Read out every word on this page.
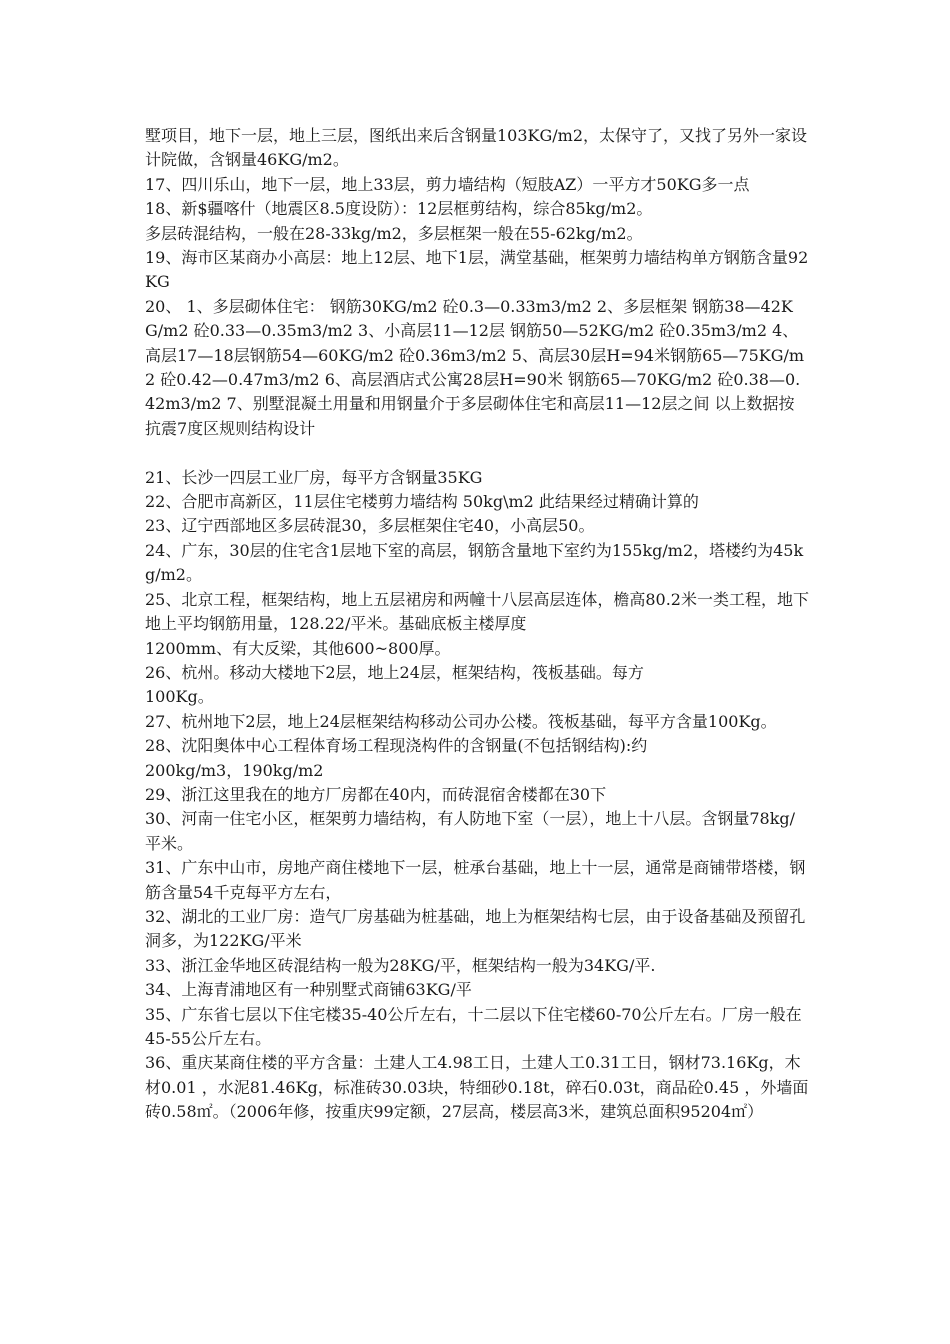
墅项目，地下一层，地上三层，图纸出来后含钢量103KG/m2，太保守了，又找了另外一家设计院做，含钢量46KG/m2。

17、四川乐山，地下一层，地上33层，剪力墙结构（短肢AZ）一平方才50KG多一点

18、新$疆喀什（地震区8.5度设防）：12层框剪结构，综合85kg/m2。

多层砖混结构，一般在28-33kg/m2，多层框架一般在55-62kg/m2。

19、海市区某商办小高层：地上12层、地下1层，满堂基础，框架剪力墙结构单方钢筋含量92KG

20、 1、多层砌体住宅： 钢筋30KG/m2 砼0.3—0.33m3/m2 2、多层框架 钢筋38—42KG/m2 砼0.33—0.35m3/m2 3、小高层11—12层 钢筋50—52KG/m2 砼0.35m3/m2 4、高层17—18层钢筋54—60KG/m2 砼0.36m3/m2 5、高层30层H=94米钢筋65—75KG/m2 砼0.42—0.47m3/m2 6、高层酒店式公寓28层H=90米 钢筋65—70KG/m2 砼0.38—0.42m3/m2 7、别墅混凝土用量和用钢量介于多层砌体住宅和高层11—12层之间 以上数据按抗震7度区规则结构设计

21、长沙一四层工业厂房，每平方含钢量35KG

22、合肥市高新区，11层住宅楼剪力墙结构 50kg\m2 此结果经过精确计算的

23、辽宁西部地区多层砖混30，多层框架住宅40，小高层50。

24、广东，30层的住宅含1层地下室的高层，钢筋含量地下室约为155kg/m2，塔楼约为45kg/m2。

25、北京工程，框架结构，地上五层裙房和两幢十八层高层连体，檐高80.2米一类工程，地下地上平均钢筋用量，128.22/平米。基础底板主楼厚度

1200mm、有大反梁，其他600~800厚。

26、杭州。移动大楼地下2层，地上24层，框架结构，筏板基础。每方

100Kg。

27、杭州地下2层，地上24层框架结构移动公司办公楼。筏板基础，每平方含量100Kg。

28、沈阳奥体中心工程体育场工程现浇构件的含钢量(不包括钢结构):约

200kg/m3，190kg/m2

29、浙江这里我在的地方厂房都在40内，而砖混宿舍楼都在30下

30、河南一住宅小区，框架剪力墙结构，有人防地下室（一层），地上十八层。含钢量78kg/平米。

31、广东中山市，房地产商住楼地下一层，桩承台基础，地上十一层，通常是商铺带塔楼，钢筋含量54千克每平方左右，

32、湖北的工业厂房：造气厂房基础为桩基础，地上为框架结构七层，由于设备基础及预留孔洞多，为122KG/平米

33、浙江金华地区砖混结构一般为28KG/平，框架结构一般为34KG/平.

34、上海青浦地区有一种别墅式商铺63KG/平

35、广东省七层以下住宅楼35-40公斤左右，十二层以下住宅楼60-70公斤左右。厂房一般在45-55公斤左右。

36、重庆某商住楼的平方含量：土建人工4.98工日，土建人工0.31工日，钢材73.16Kg，木材0.01 ，水泥81.46Kg，标准砖30.03块，特细砂0.18t，碎石0.03t，商品砼0.45 ，外墙面砖0.58㎡。（2006年修，按重庆99定额，27层高，楼层高3米，建筑总面积95204㎡）
